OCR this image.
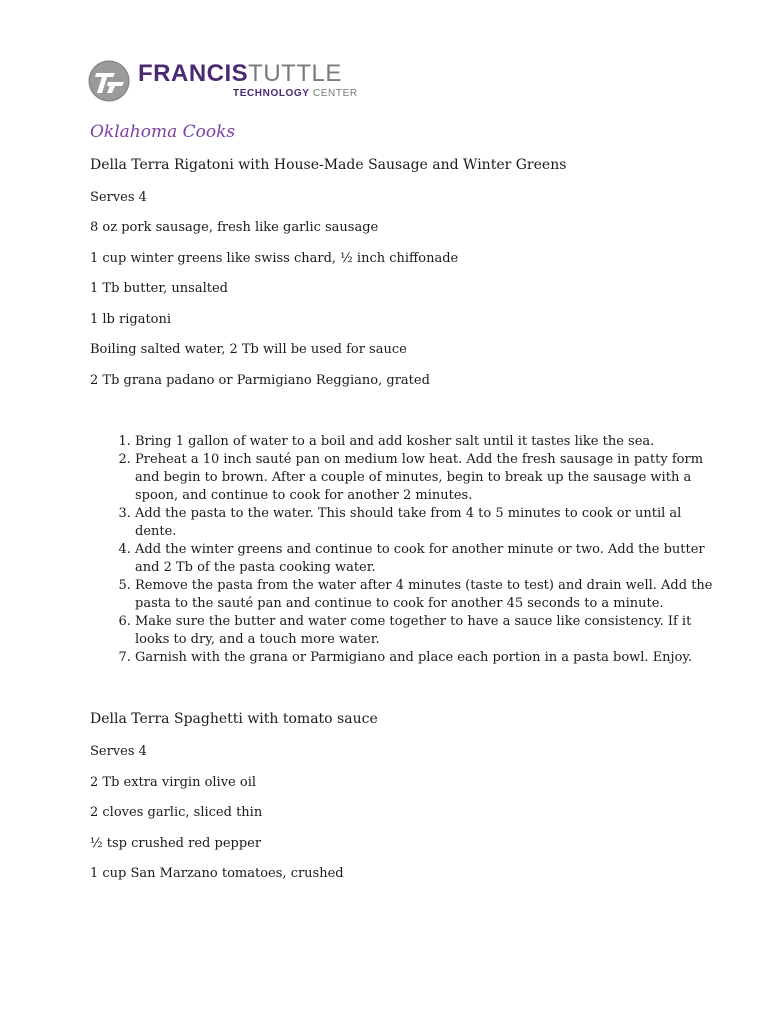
FRANCISTUTTLE
TECHNOLOGY CENTER
Oklahoma Cooks
Della Terra Rigatoni with House-Made Sausage and Winter Greens
Serves 4
8 oz pork sausage, fresh like garlic sausage
1 cup winter greens like swiss chard, ½ inch chiffonade
1 Tb butter, unsalted
1 lb rigatoni
Boiling salted water, 2 Tb will be used for sauce
2 Tb grana padano or Parmigiano Reggiano, grated
1. Bring 1 gallon of water to a boil and add kosher salt until it tastes like the sea.
2. Preheat a 10 inch sauté pan on medium low heat. Add the fresh sausage in patty form and begin to brown. After a couple of minutes, begin to break up the sausage with a spoon, and continue to cook for another 2 minutes.
3. Add the pasta to the water. This should take from 4 to 5 minutes to cook or until al dente.
4. Add the winter greens and continue to cook for another minute or two. Add the butter and 2 Tb of the pasta cooking water.
5. Remove the pasta from the water after 4 minutes (taste to test) and drain well. Add the pasta to the sauté pan and continue to cook for another 45 seconds to a minute.
6. Make sure the butter and water come together to have a sauce like consistency. If it looks to dry, and a touch more water.
7. Garnish with the grana or Parmigiano and place each portion in a pasta bowl. Enjoy.
Della Terra Spaghetti with tomato sauce
Serves 4
2 Tb extra virgin olive oil
2 cloves garlic, sliced thin
½ tsp crushed red pepper
1 cup San Marzano tomatoes, crushed
